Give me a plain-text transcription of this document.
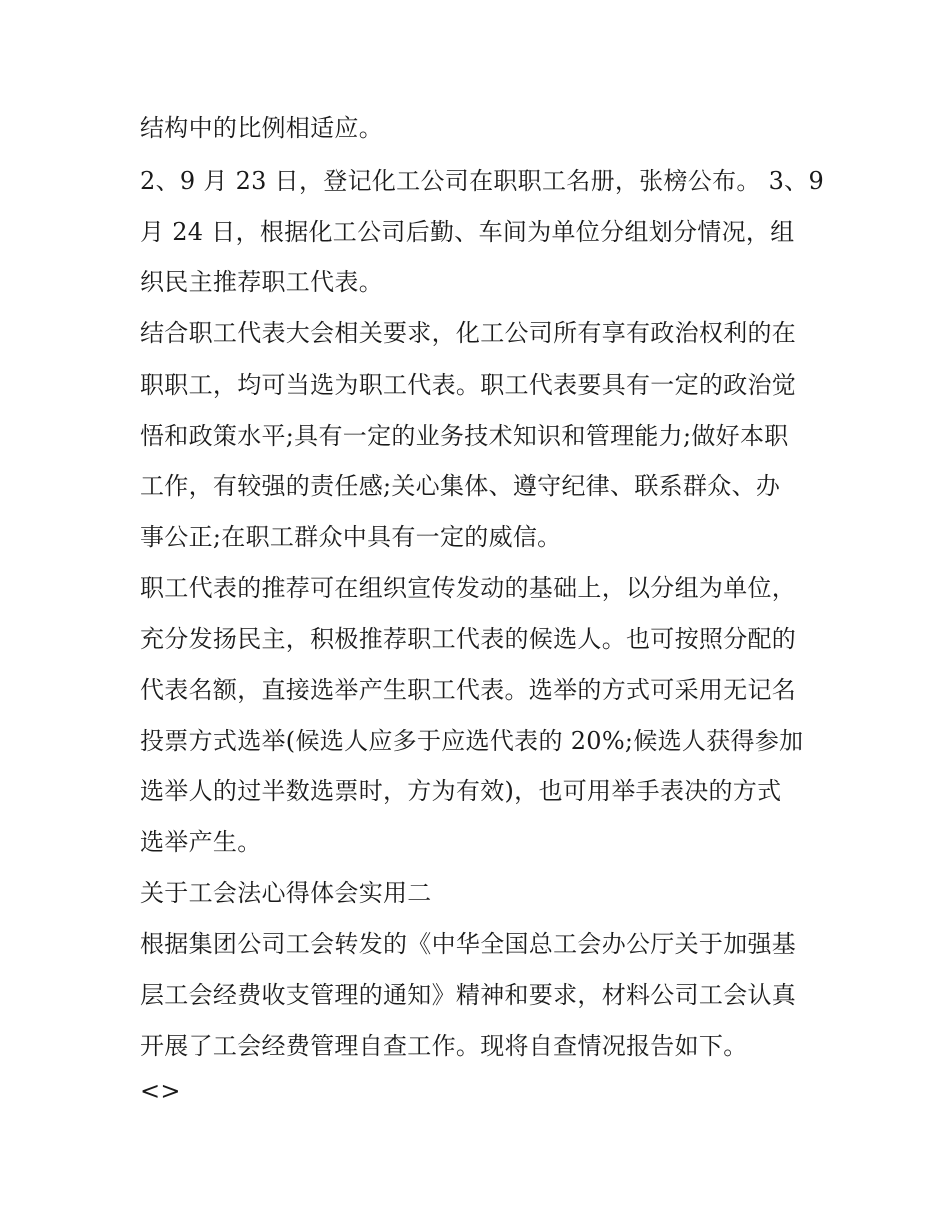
结构中的比例相适应。
2、9 月 23 日，登记化工公司在职职工名册，张榜公布。 3、9
月 24 日，根据化工公司后勤、车间为单位分组划分情况，组
织民主推荐职工代表。
结合职工代表大会相关要求，化工公司所有享有政治权利的在
职职工，均可当选为职工代表。职工代表要具有一定的政治觉
悟和政策水平;具有一定的业务技术知识和管理能力;做好本职
工作，有较强的责任感;关心集体、遵守纪律、联系群众、办
事公正;在职工群众中具有一定的威信。
职工代表的推荐可在组织宣传发动的基础上，以分组为单位，
充分发扬民主，积极推荐职工代表的候选人。也可按照分配的
代表名额，直接选举产生职工代表。选举的方式可采用无记名
投票方式选举(候选人应多于应选代表的 20%;候选人获得参加
选举人的过半数选票时，方为有效)，也可用举手表决的方式
选举产生。
关于工会法心得体会实用二
根据集团公司工会转发的《中华全国总工会办公厅关于加强基
层工会经费收支管理的通知》精神和要求，材料公司工会认真
开展了工会经费管理自查工作。现将自查情况报告如下。
<>
